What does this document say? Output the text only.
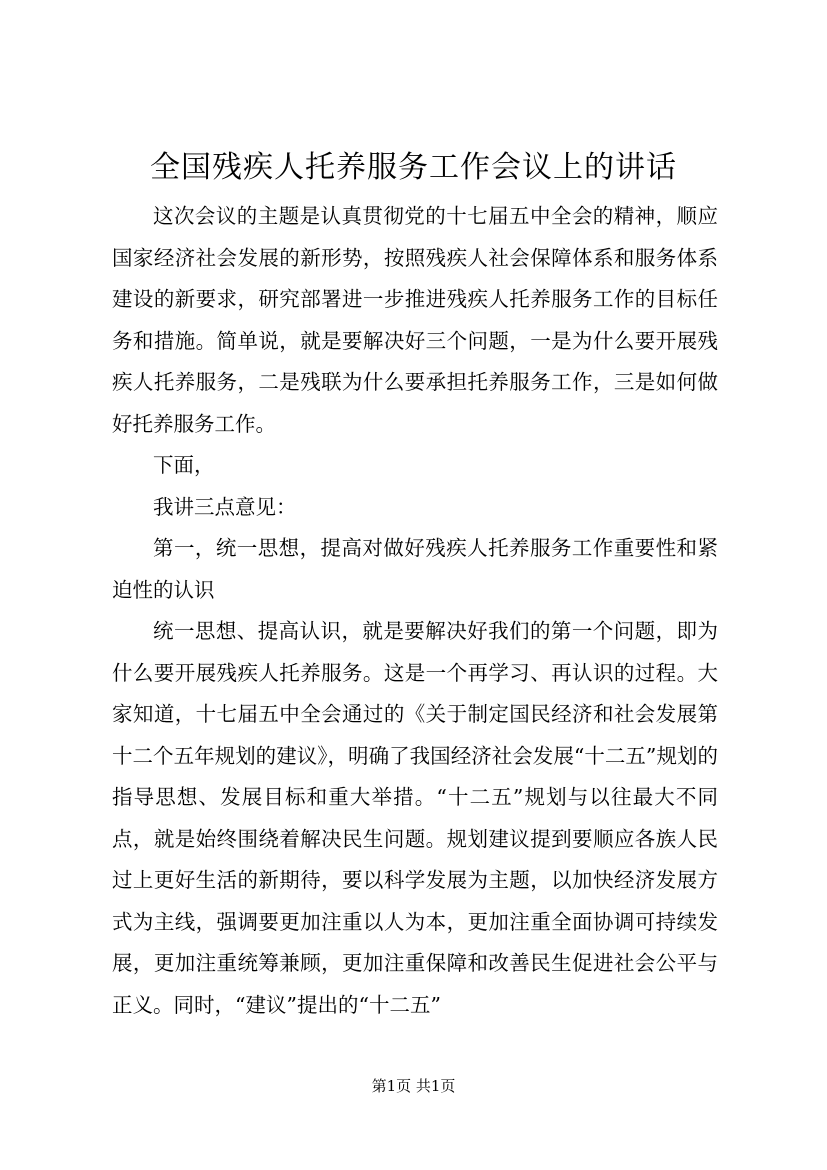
全国残疾人托养服务工作会议上的讲话

这次会议的主题是认真贯彻党的十七届五中全会的精神，顺应国家经济社会发展的新形势，按照残疾人社会保障体系和服务体系建设的新要求，研究部署进一步推进残疾人托养服务工作的目标任务和措施。简单说，就是要解决好三个问题，一是为什么要开展残疾人托养服务，二是残联为什么要承担托养服务工作，三是如何做好托养服务工作。

下面，

我讲三点意见：

第一，统一思想，提高对做好残疾人托养服务工作重要性和紧迫性的认识

统一思想、提高认识，就是要解决好我们的第一个问题，即为什么要开展残疾人托养服务。这是一个再学习、再认识的过程。大家知道，十七届五中全会通过的《关于制定国民经济和社会发展第十二个五年规划的建议》，明确了我国经济社会发展“十二五”规划的指导思想、发展目标和重大举措。“十二五”规划与以往最大不同点，就是始终围绕着解决民生问题。规划建议提到要顺应各族人民过上更好生活的新期待，要以科学发展为主题，以加快经济发展方式为主线，强调要更加注重以人为本，更加注重全面协调可持续发展，更加注重统筹兼顾，更加注重保障和改善民生促进社会公平与正义。同时，“建议”提出的“十二五”

第1页 共1页
